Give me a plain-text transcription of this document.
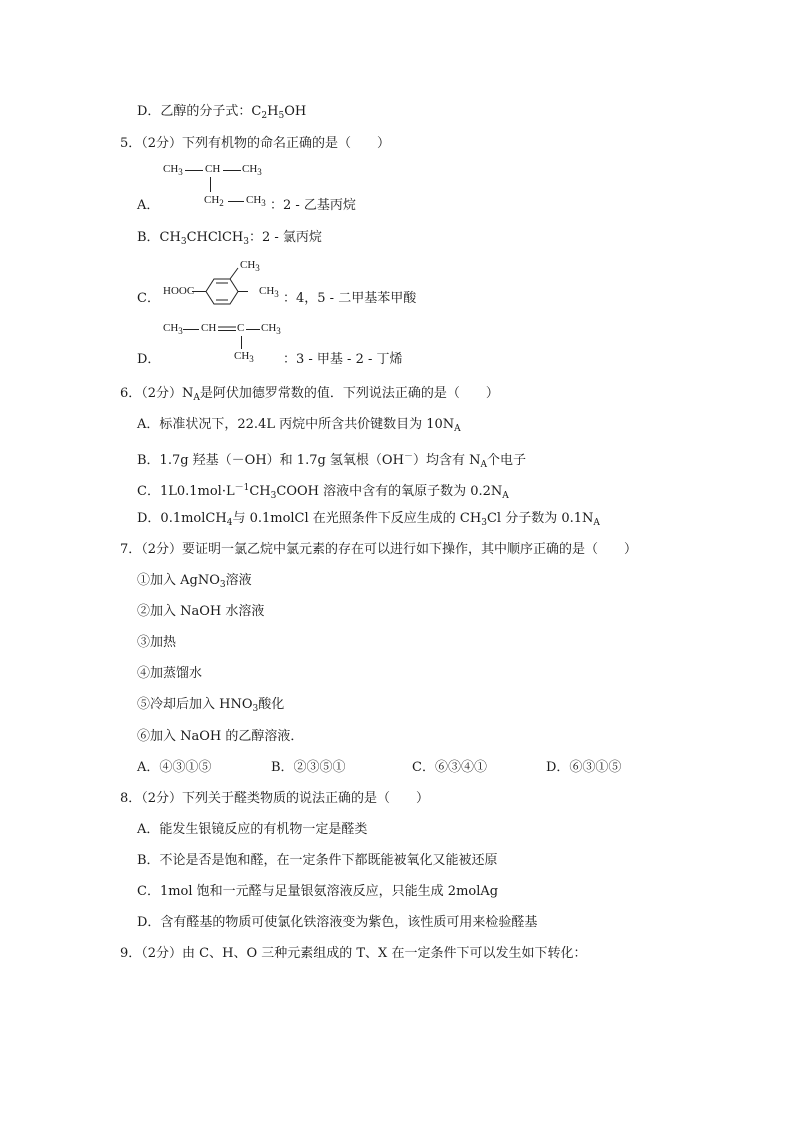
D．乙醇的分子式：$C_2H_5OH$
5．（2分）下列有机物的命名正确的是（　　）
$CH_3$ CH $CH_3$
$CH_2$ $CH_3$
A．	：2 - 乙基丙烷
B．$CH_3CHClCH_3$：2 - 氯丙烷
C． HOOC
$CH_3$
$CH_3$ ：4，5 - 二甲基苯甲酸
$CH_3$ CH C $CH_3$
$CH_3$
D．	：3 - 甲基 - 2 - 丁烯
6．（2分）$N_A$是阿伏加德罗常数的值．下列说法正确的是（　　）
A．标准状况下，22.4L 丙烷中所含共价键数目为 $10N_A$
B．1.7g 羟基（－OH）和 1.7g 氢氧根（OH－）均含有 $N_A$个电子
C．$1L0.1mol\cdot L^{-1}CH_3COOH$ 溶液中含有的氧原子数为 $0.2N_A$
D．0.1molCH$_4$与 0.1molCl 在光照条件下反应生成的 $CH_3Cl$ 分子数为 $0.1N_A$
7．（2分）要证明一氯乙烷中氯元素的存在可以进行如下操作，其中顺序正确的是（　　）
①加入 AgNO$_3$溶液
②加入 NaOH 水溶液
③加热
④加蒸馏水
⑤冷却后加入 $HNO_3$酸化
⑥加入 NaOH 的乙醇溶液．
A．④③①⑤	B．②③⑤①	C．⑥③④①	D．⑥③①⑤
8．（2分）下列关于醛类物质的说法正确的是（　　）
A．能发生银镜反应的有机物一定是醛类
B．不论是否是饱和醛，在一定条件下都既能被氧化又能被还原
C．1mol 饱和一元醛与足量银氨溶液反应，只能生成 2molAg
D．含有醛基的物质可使氯化铁溶液变为紫色，该性质可用来检验醛基
9．（2分）由 C、H、O 三种元素组成的 T、X 在一定条件下可以发生如下转化：
